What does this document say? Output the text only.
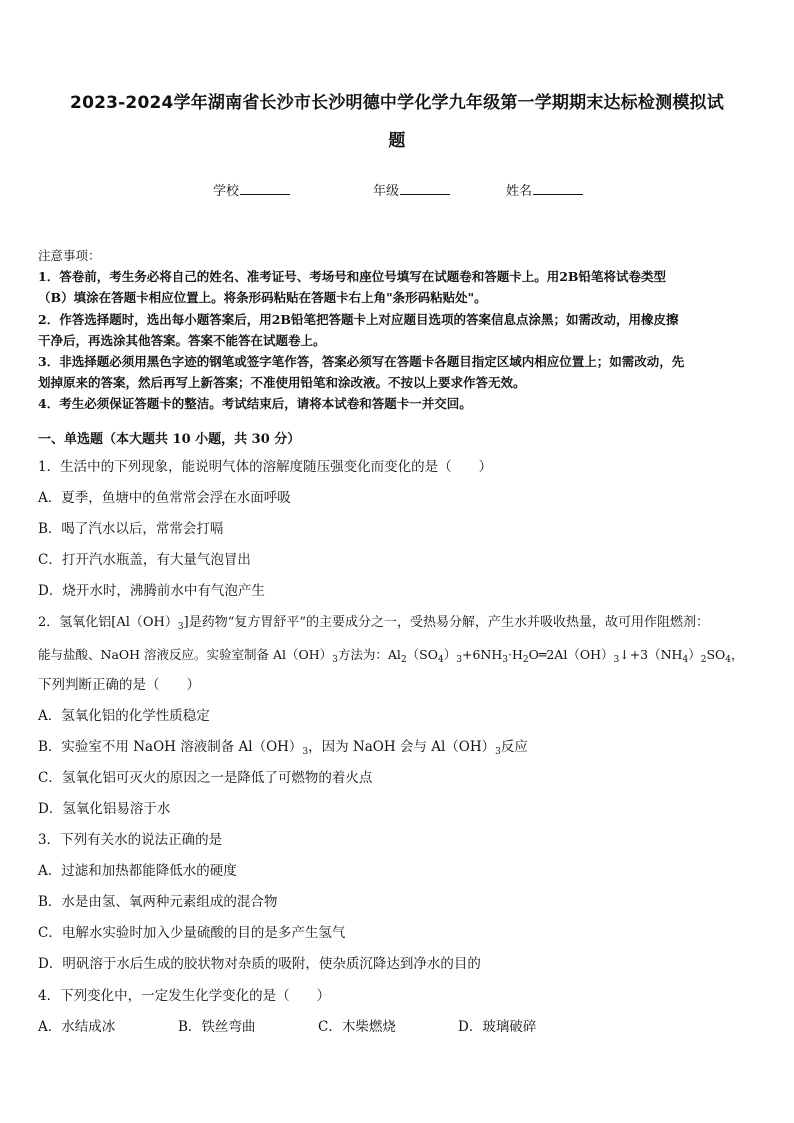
2023-2024学年湖南省长沙市长沙明德中学化学九年级第一学期期末达标检测模拟试
题
学校	年级	姓名

注意事项：

1．答卷前，考生务必将自己的姓名、准考证号、考场号和座位号填写在试题卷和答题卡上。用2B铅笔将试卷类型

（B）填涂在答题卡相应位置上。将条形码粘贴在答题卡右上角"条形码粘贴处"。

2．作答选择题时，选出每小题答案后，用2B铅笔把答题卡上对应题目选项的答案信息点涂黑；如需改动，用橡皮擦

干净后，再选涂其他答案。答案不能答在试题卷上。

3．非选择题必须用黑色字迹的钢笔或签字笔作答，答案必须写在答题卡各题目指定区域内相应位置上；如需改动，先

划掉原来的答案，然后再写上新答案；不准使用铅笔和涂改液。不按以上要求作答无效。

4．考生必须保证答题卡的整洁。考试结束后，请将本试卷和答题卡一并交回。

一、单选题（本大题共 10 小题，共 30 分）
1．生活中的下列现象，能说明气体的溶解度随压强变化而变化的是（　　）
A．夏季，鱼塘中的鱼常常会浮在水面呼吸
B．喝了汽水以后，常常会打嗝
C．打开汽水瓶盖，有大量气泡冒出
D．烧开水时，沸腾前水中有气泡产生
2．氢氧化铝$[Al(OH)_3]$是药物“复方胃舒平”的主要成分之一，受热易分解，产生水并吸收热量，故可用作阻燃剂：
能与盐酸、NaOH 溶液反应。实验室制备 $Al(OH)_3$方法为：$Al_2(SO_4)_3+6NH_3\cdot H_2O═2Al(OH)_3↓+3(NH_4)_2SO_4$，
下列判断正确的是（　　）
A．氢氧化铝的化学性质稳定
B．实验室不用 NaOH 溶液制备 $Al(OH)_3$，因为 NaOH 会与 $Al(OH)_3$反应
C．氢氧化铝可灭火的原因之一是降低了可燃物的着火点
D．氢氧化铝易溶于水
3．下列有关水的说法正确的是
A．过滤和加热都能降低水的硬度
B．水是由氢、氧两种元素组成的混合物
C．电解水实验时加入少量硫酸的目的是多产生氢气
D．明矾溶于水后生成的胶状物对杂质的吸附，使杂质沉降达到净水的目的
4．下列变化中，一定发生化学变化的是（　　）
A．水结成冰	B．铁丝弯曲	C．木柴燃烧	D．玻璃破碎
